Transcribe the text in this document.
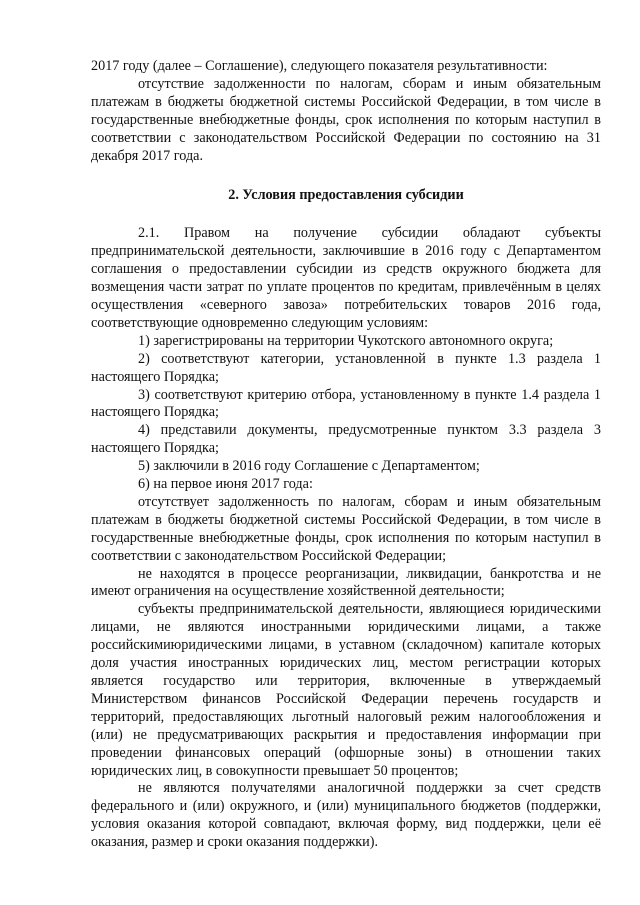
2017 году (далее – Соглашение), следующего показателя результативности:

отсутствие задолженности по налогам, сборам и иным обязательным платежам в бюджеты бюджетной системы Российской Федерации, в том числе в государственные внебюджетные фонды, срок исполнения по которым наступил в соответствии с законодательством Российской Федерации по состоянию на 31 декабря 2017 года.

2. Условия предоставления субсидии

2.1. Правом на получение субсидии обладают субъекты предпринимательской деятельности, заключившие в 2016 году с Департаментом соглашения о предоставлении субсидии из средств окружного бюджета для возмещения части затрат по уплате процентов по кредитам, привлечённым в целях осуществления «северного завоза» потребительских товаров 2016 года, соответствующие одновременно следующим условиям:

1) зарегистрированы на территории Чукотского автономного округа;

2) соответствуют категории, установленной в пункте 1.3 раздела 1 настоящего Порядка;

3) соответствуют критерию отбора, установленному в пункте 1.4 раздела 1 настоящего Порядка;

4) представили документы, предусмотренные пунктом 3.3 раздела 3 настоящего Порядка;

5) заключили в 2016 году Соглашение с Департаментом;

6) на первое июня 2017 года:

отсутствует задолженность по налогам, сборам и иным обязательным платежам в бюджеты бюджетной системы Российской Федерации, в том числе в государственные внебюджетные фонды, срок исполнения по которым наступил в соответствии с законодательством Российской Федерации;

не находятся в процессе реорганизации, ликвидации, банкротства и не имеют ограничения на осуществление хозяйственной деятельности;

субъекты предпринимательской деятельности, являющиеся юридическими лицами, не являются иностранными юридическими лицами, а также российскимиюридическими лицами, в уставном (складочном) капитале которых доля участия иностранных юридических лиц, местом регистрации которых является государство или территория, включенные в утверждаемый Министерством финансов Российской Федерации перечень государств и территорий, предоставляющих льготный налоговый режим налогообложения и (или) не предусматривающих раскрытия и предоставления информации при проведении финансовых операций (офшорные зоны) в отношении таких юридических лиц, в совокупности превышает 50 процентов;

не являются получателями аналогичной поддержки за счет средств федерального и (или) окружного, и (или) муниципального бюджетов (поддержки, условия оказания которой совпадают, включая форму, вид поддержки, цели её оказания, размер и сроки оказания поддержки).
